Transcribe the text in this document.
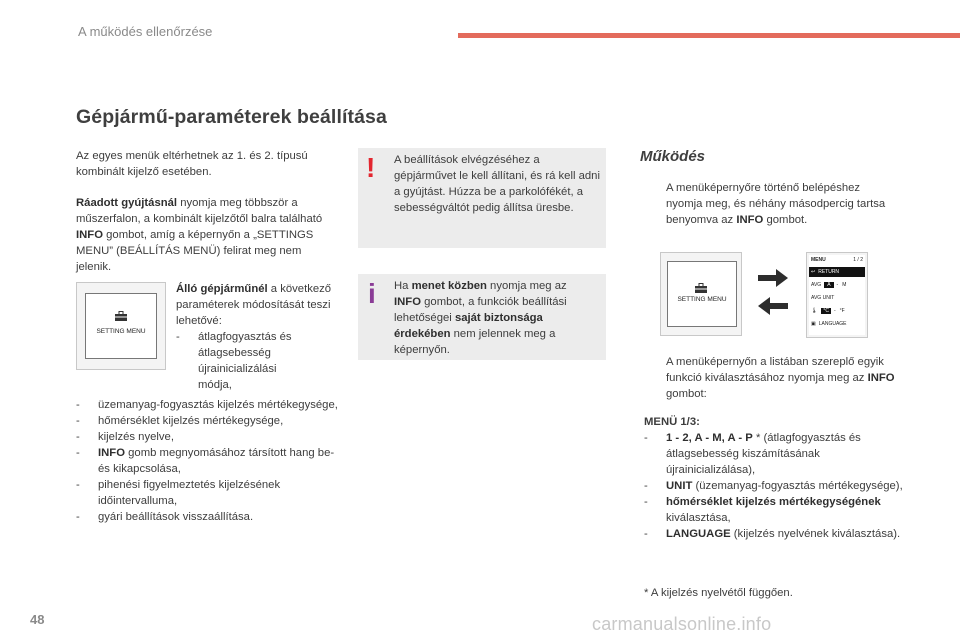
A működés ellenőrzése
Gépjármű-paraméterek beállítása
Az egyes menük eltérhetnek az 1. és 2. típusú kombinált kijelző esetében.
Ráadott gyújtásnál nyomja meg többször a műszerfalon, a kombinált kijelzőtől balra található INFO gombot, amíg a képernyőn a „SETTINGS MENU” (BEÁLLÍTÁS MENÜ) felirat meg nem jelenik.
SETTING MENU
Álló gépjárműnél a következő paraméterek módosítását teszi lehetővé:
- átlagfogyasztás és átlagsebesség újrainicializálási módja,
- üzemanyag-fogyasztás kijelzés mértékegysége,
- hőmérséklet kijelzés mértékegysége,
- kijelzés nyelve,
- INFO gomb megnyomásához társított hang be- és kikapcsolása,
- pihenési figyelmeztetés kijelzésének időintervalluma,
- gyári beállítások visszaállítása.
! A beállítások elvégzéséhez a gépjárművet le kell állítani, és rá kell adni a gyújtást. Húzza be a parkolófékét, a sebességváltót pedig állítsa üresbe.
i Ha menet közben nyomja meg az INFO gombot, a funkciók beállítási lehetőségei saját biztonsága érdekében nem jelennek meg a képernyőn.
Működés
A menüképernyőre történő belépéshez nyomja meg, és néhány másodpercig tartsa benyomva az INFO gombot.
SETTING MENU
MENU	1 / 2
↩ RETURN
AVG	A	- M
AVG UNIT
🌡	°C	- °F
▣ LANGUAGE
A menüképernyőn a listában szereplő egyik funkció kiválasztásához nyomja meg az INFO gombot:
MENÜ 1/3:
- 1 - 2, A - M, A - P * (átlagfogyasztás és átlagsebesség kiszámításának újrainicializálása),
- UNIT (üzemanyag-fogyasztás mértékegysége),
- hőmérséklet kijelzés mértékegységének kiválasztása,
- LANGUAGE (kijelzés nyelvének kiválasztása).
* A kijelzés nyelvétől függően.
48	carmanualsonline.info
